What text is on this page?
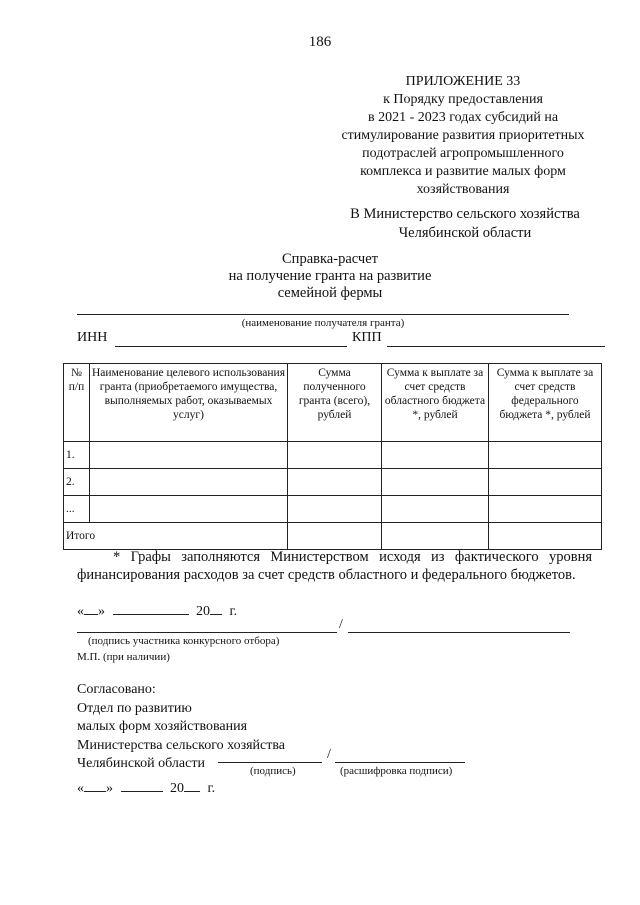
186
ПРИЛОЖЕНИЕ 33
к Порядку предоставления
в 2021 - 2023 годах субсидий на
стимулирование развития приоритетных
подотраслей агропромышленного
комплекса и развитие малых форм
хозяйствования
В Министерство сельского хозяйства
Челябинской области
Справка-расчет
на получение гранта на развитие
семейной фермы
(наименование получателя гранта)
ИНН	КПП
№ п/п	Наименование целевого использования гранта (приобретаемого имущества, выполняемых работ, оказываемых услуг)	Сумма полученного гранта (всего), рублей	Сумма к выплате за счет средств областного бюджета *, рублей	Сумма к выплате за счет средств федерального бюджета *, рублей
1.				
2.				
...				
Итого				
* Графы заполняются Министерством исходя из фактического уровня финансирования расходов за счет средств областного и федерального бюджетов.
« »	20 г.
/
(подпись участника конкурсного отбора)
М.П. (при наличии)
Согласовано:
Отдел по развитию
малых форм хозяйствования
Министерства сельского хозяйства
Челябинской области
/
(подпись)	(расшифровка подписи)
« »	20 г.
